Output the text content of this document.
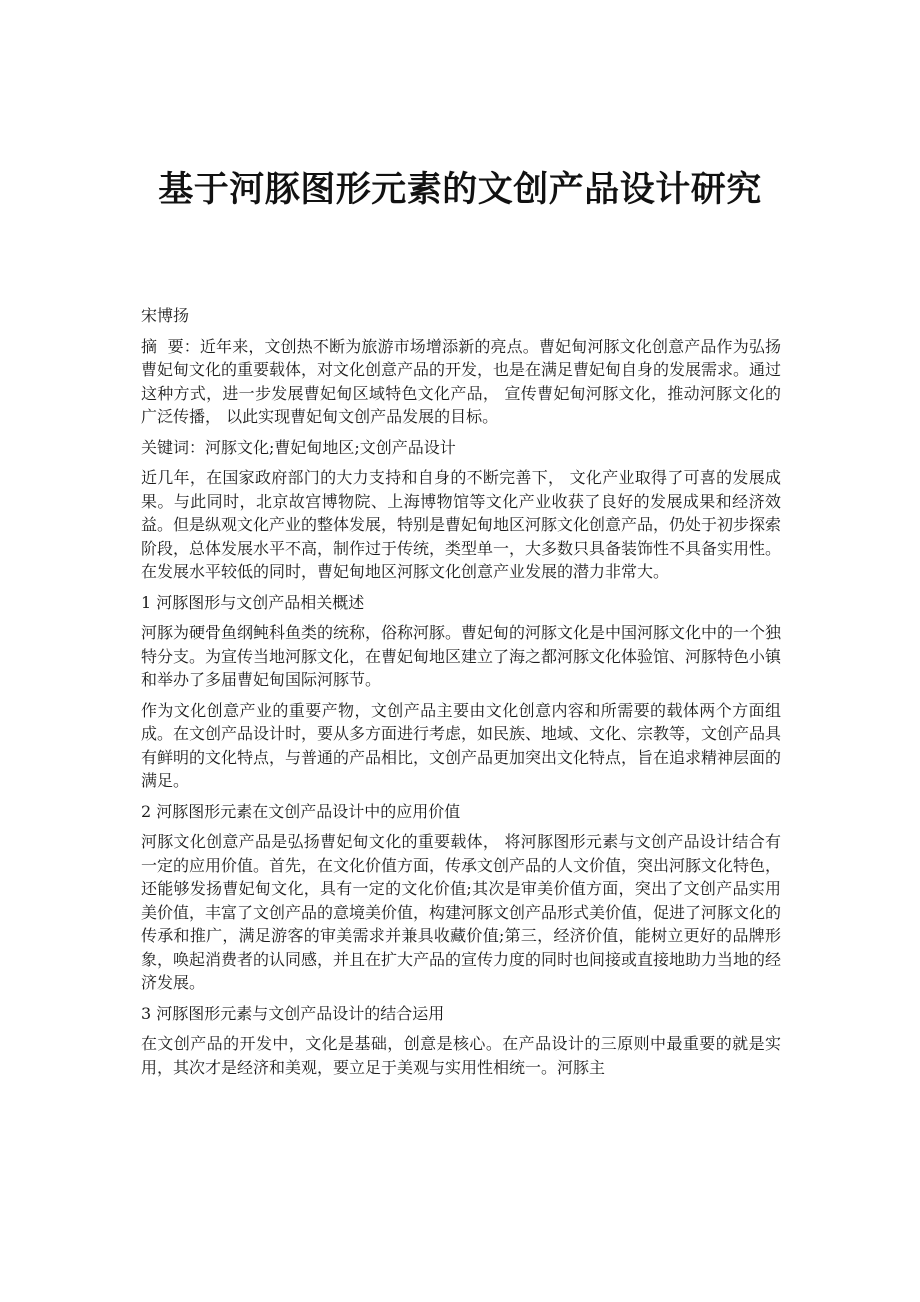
基于河豚图形元素的文创产品设计研究

宋博扬

摘  要：近年来，文创热不断为旅游市场增添新的亮点。曹妃甸河豚文化创意产品作为弘扬曹妃甸文化的重要载体，对文化创意产品的开发，也是在满足曹妃甸自身的发展需求。通过这种方式，进一步发展曹妃甸区域特色文化产品， 宣传曹妃甸河豚文化，推动河豚文化的广泛传播， 以此实现曹妃甸文创产品发展的目标。

关键词：河豚文化;曹妃甸地区;文创产品设计

近几年，在国家政府部门的大力支持和自身的不断完善下， 文化产业取得了可喜的发展成果。与此同时，北京故宫博物院、上海博物馆等文化产业收获了良好的发展成果和经济效益。但是纵观文化产业的整体发展，特别是曹妃甸地区河豚文化创意产品，仍处于初步探索阶段，总体发展水平不高，制作过于传统，类型单一，大多数只具备装饰性不具备实用性。在发展水平较低的同时，曹妃甸地区河豚文化创意产业发展的潜力非常大。

1 河豚图形与文创产品相关概述

河豚为硬骨鱼纲鲀科鱼类的统称，俗称河豚。曹妃甸的河豚文化是中国河豚文化中的一个独特分支。为宣传当地河豚文化，在曹妃甸地区建立了海之都河豚文化体验馆、河豚特色小镇和举办了多届曹妃甸国际河豚节。

作为文化创意产业的重要产物，文创产品主要由文化创意内容和所需要的载体两个方面组成。在文创产品设计时，要从多方面进行考虑，如民族、地域、文化、宗教等，文创产品具有鲜明的文化特点，与普通的产品相比，文创产品更加突出文化特点，旨在追求精神层面的满足。

2 河豚图形元素在文创产品设计中的应用价值

河豚文化创意产品是弘扬曹妃甸文化的重要载体， 将河豚图形元素与文创产品设计结合有一定的应用价值。首先，在文化价值方面，传承文创产品的人文价值，突出河豚文化特色，还能够发扬曹妃甸文化，具有一定的文化价值;其次是审美价值方面，突出了文创产品实用美价值，丰富了文创产品的意境美价值，构建河豚文创产品形式美价值，促进了河豚文化的传承和推广，满足游客的审美需求并兼具收藏价值;第三，经济价值，能树立更好的品牌形象，唤起消费者的认同感，并且在扩大产品的宣传力度的同时也间接或直接地助力当地的经济发展。

3 河豚图形元素与文创产品设计的结合运用

在文创产品的开发中，文化是基础，创意是核心。在产品设计的三原则中最重要的就是实用，其次才是经济和美观，要立足于美观与实用性相统一。河豚主
